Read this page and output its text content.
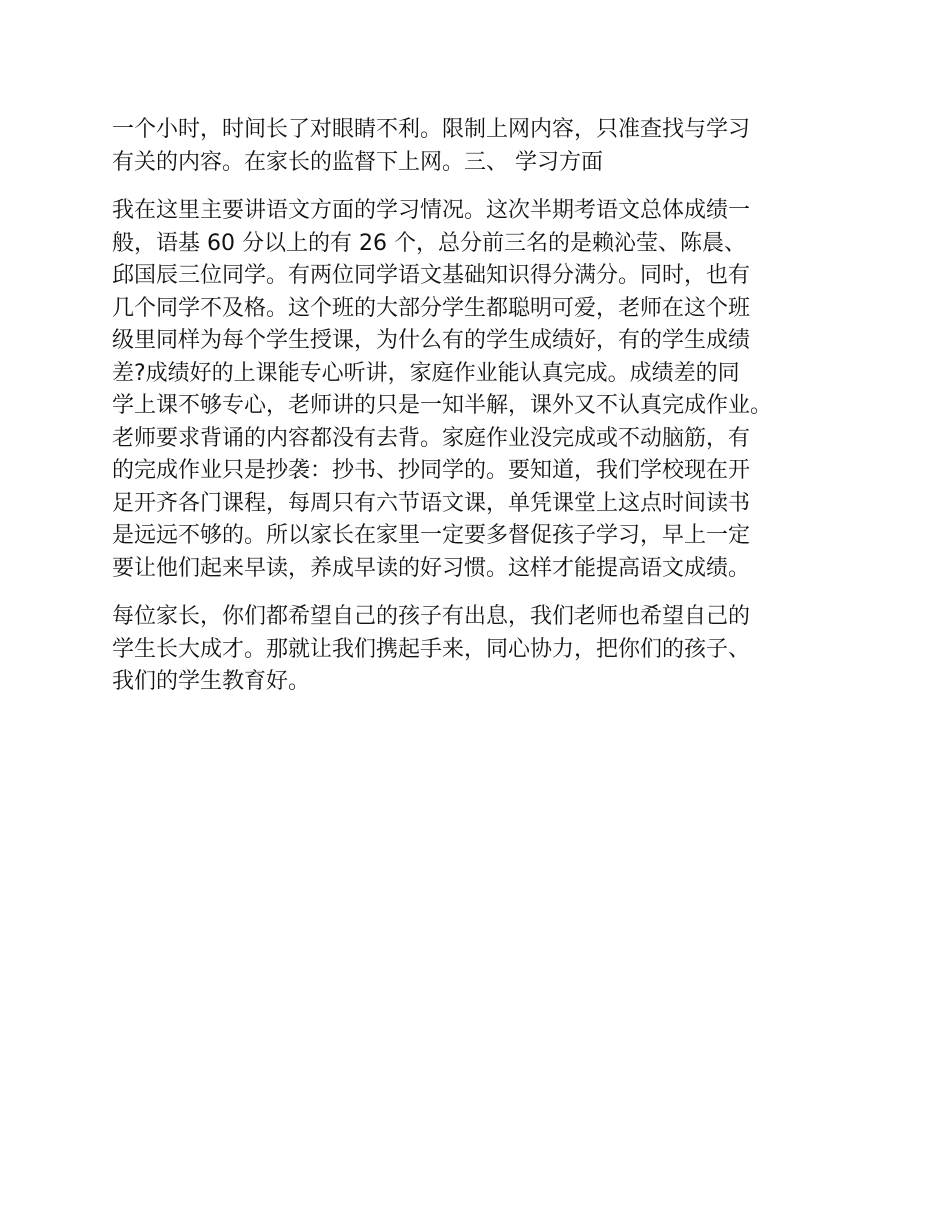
一个小时，时间长了对眼睛不利。限制上网内容，只准查找与学习
有关的内容。在家长的监督下上网。三、 学习方面

我在这里主要讲语文方面的学习情况。这次半期考语文总体成绩一
般，语基 60 分以上的有 26 个，总分前三名的是赖沁莹、陈晨、
邱国辰三位同学。有两位同学语文基础知识得分满分。同时，也有
几个同学不及格。这个班的大部分学生都聪明可爱，老师在这个班
级里同样为每个学生授课，为什么有的学生成绩好，有的学生成绩
差?成绩好的上课能专心听讲，家庭作业能认真完成。成绩差的同
学上课不够专心，老师讲的只是一知半解，课外又不认真完成作业。
老师要求背诵的内容都没有去背。家庭作业没完成或不动脑筋，有
的完成作业只是抄袭：抄书、抄同学的。要知道，我们学校现在开
足开齐各门课程，每周只有六节语文课，单凭课堂上这点时间读书
是远远不够的。所以家长在家里一定要多督促孩子学习，早上一定
要让他们起来早读，养成早读的好习惯。这样才能提高语文成绩。

每位家长，你们都希望自己的孩子有出息，我们老师也希望自己的
学生长大成才。那就让我们携起手来，同心协力，把你们的孩子、
我们的学生教育好。
